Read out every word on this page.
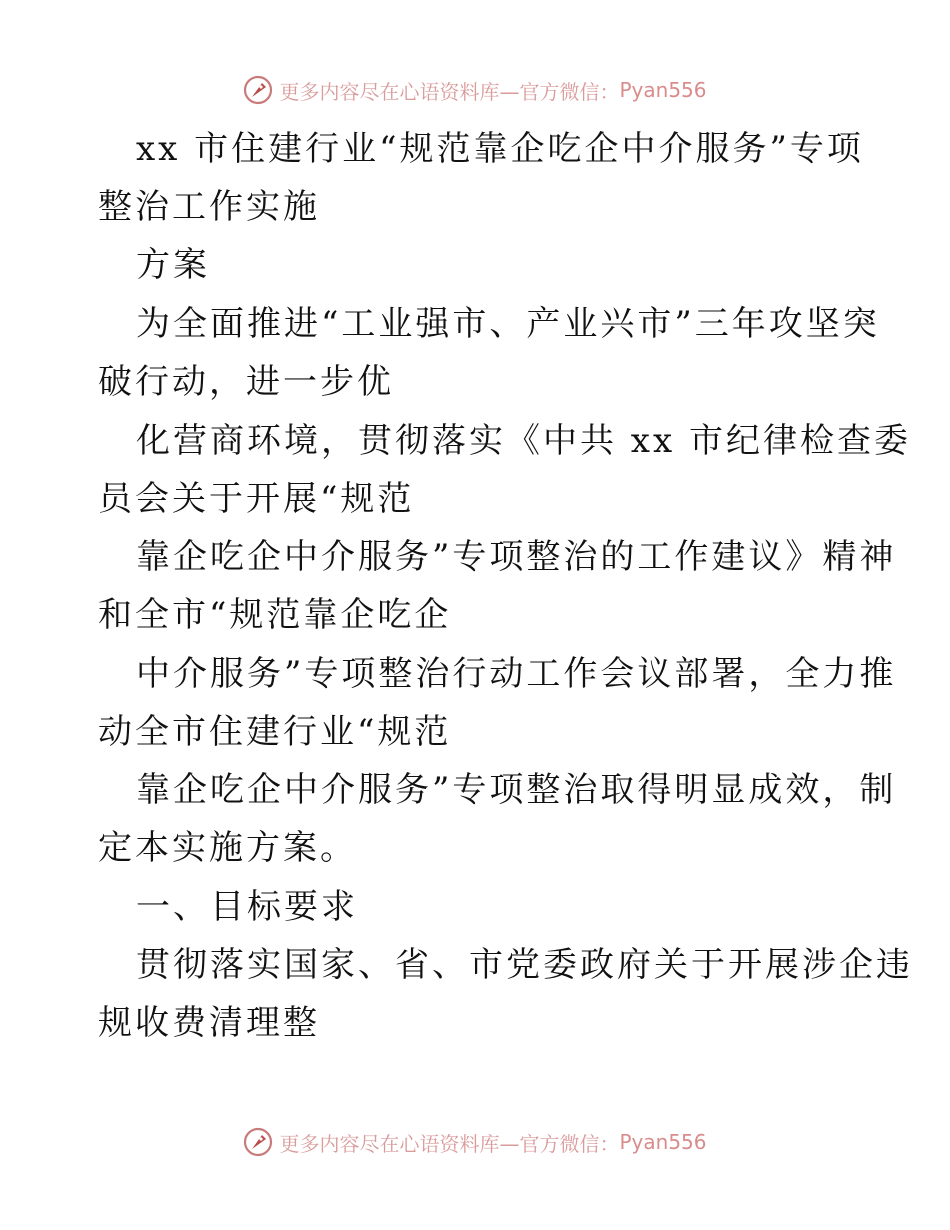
更多内容尽在心语资料库—官方微信： Pyan556
xx 市住建行业“规范靠企吃企中介服务”专项
整治工作实施
方案
为全面推进“工业强市、产业兴市”三年攻坚突
破行动，进一步优
化营商环境，贯彻落实《中共 xx 市纪律检查委
员会关于开展“规范
靠企吃企中介服务”专项整治的工作建议》精神
和全市“规范靠企吃企
中介服务”专项整治行动工作会议部署，全力推
动全市住建行业“规范
靠企吃企中介服务”专项整治取得明显成效，制
定本实施方案。
一、目标要求
贯彻落实国家、省、市党委政府关于开展涉企违
规收费清理整
更多内容尽在心语资料库—官方微信： Pyan556
